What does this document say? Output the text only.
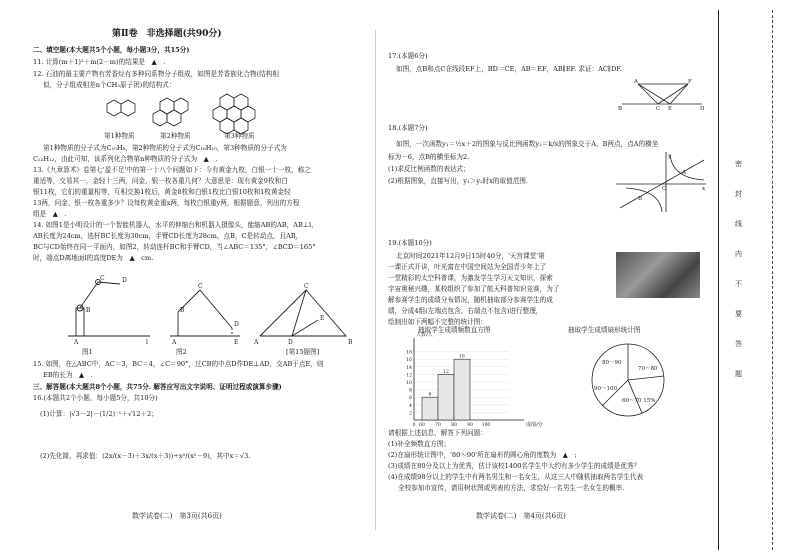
第Ⅱ卷　非选择题(共90分)
二、填空题(本大题共5个小题，每小题3分，共15分)
11. 计算(m＋1)²＋m(2－m)的结果是　▲　.
12. 石油的最主要产物有芳香烃有多种同系物分子组成，如图是芳香族化合物(结构相
似，分子组成相差n个CH₂原子团)的结构式：
第1种物质	第2种物质	第3种物质
第1种物质的分子式为C₁₀H₈，第2种物质的分子式为C₁₆H₁₀，第3种物质的分子式为
C₂₂H₁₂，由此可知，该系列化合物第n种物质的分子式为　▲　.
13.《九章算术》卷第七'盈不足'中的第一十八个问题如下：今有黄金九枚，白银一十一枚，称之
重适等，交易其一，金轻十三两，问金、银一枚各重几何？大意思是：现有黄金9枚和白
银11枚，它们的重量相等，互相交换1枚后，黄金8枚和白银1枚比白银10枚和1枚黄金轻
13两，问金、银一枚各重多少？设每枚黄金重x两，每枚白银重y两，根据题意，列出的方程
组是　▲　.
14. 如图1是小明设计的一个智能机器人，水平的伸缩台和机器人摄像头，能缩AB的AB，AB⊥l，
AB长度为24cm，选杆BC长度为30cm，手臂CD长度为28cm，点B，C是转动点，且AB，
BC与CD始终在同一平面内，如图2，转动连杆BC和手臂CD，当∠ABC＝135°，∠BCD＝165°
时，端点D离地面l的高度DE为　▲　cm.
A
B
C	D
l	A
B
C
D
E	A
C
D
E
B
图1	图2	[第15题图]
15. 如图，在△ABC中，AC＝3，BC＝4，∠C＝90°，过CB的中点D作DE⊥AD，交AB于点E，则
EB的长为　▲　.
三、解答题(本大题共8个小题，共75分. 解答应写出文字说明、证明过程或演算步骤)
16.(本题共2个小题，每小题5分，共10分)
(1)计算：|√3－2|－(1/2)⁻¹＋√12＋2；
(2)先化简，再求值：(2x/(x－3)＋3x/(x＋3))÷x²/(x²－9)，其中x＝√3.
数学试卷(二)　第3页(共6页)
17.(本题6分)
如图，点B和点C在线段EF上，BD＝CE，AB＝EF，AB∥EF. 求证：AC∥DF.
A	F
B	C E	D
18.(本题7分)
如图，一次函数y₁＝½x＋2的图象与反比例函数y₂＝k/x的图象交于A，B两点，点A的横坐
标为－6，点B的横坐标为2.
(1)求反比例函数的表达式；
(2)根据图象，直接写出，y₁＞y₂时x的取值范围.
y
x
O
A
B
19.(本题10分)
北京时间2021年12月9日15时40分，'天宫课堂'第
一课正式开讲，叶光富在中国空间站为全国青少年上了
一堂精彩的太空科普课，为激发学生学习天文知识，探索
宇宙奥秘兴趣，某校组织了参加了航天科普知识竞赛，为了
解参赛学生的成绩分布情况，随机抽取部分参赛学生的成
绩，分成4组(左端点包含，右端点不包含)进行整理，
绘制出如下两幅不完整的统计图：
抽取学生成绩频数直方图	抽取学生成绩扇形统计图
2
4
6
8
10
12
14
16
18
0 60 70 80 90 100
6
12
16
人数/人
成绩/分
80～90
70～80
60～70 15%
90～100
请根据上述信息，解答下列问题：
(1)补全频数直方图；
(2)在扇形统计图中，'80～90'所在扇形的圆心角的度数为　▲　;
(3)成绩在80分及以上为优秀，估计该校1400名学生中大约有多少学生的成绩是优秀？
(4)在成绩98分以上的学生中有两名男生和一名女生，从这三人中随机抽取两名学生代表
全校参加市宣传，请用树状图或列表的方法，求恰好一名男生一名女生的概率.
数学试卷(二)　第4页(共6页)
密
封
线
内
不
要
答
题
